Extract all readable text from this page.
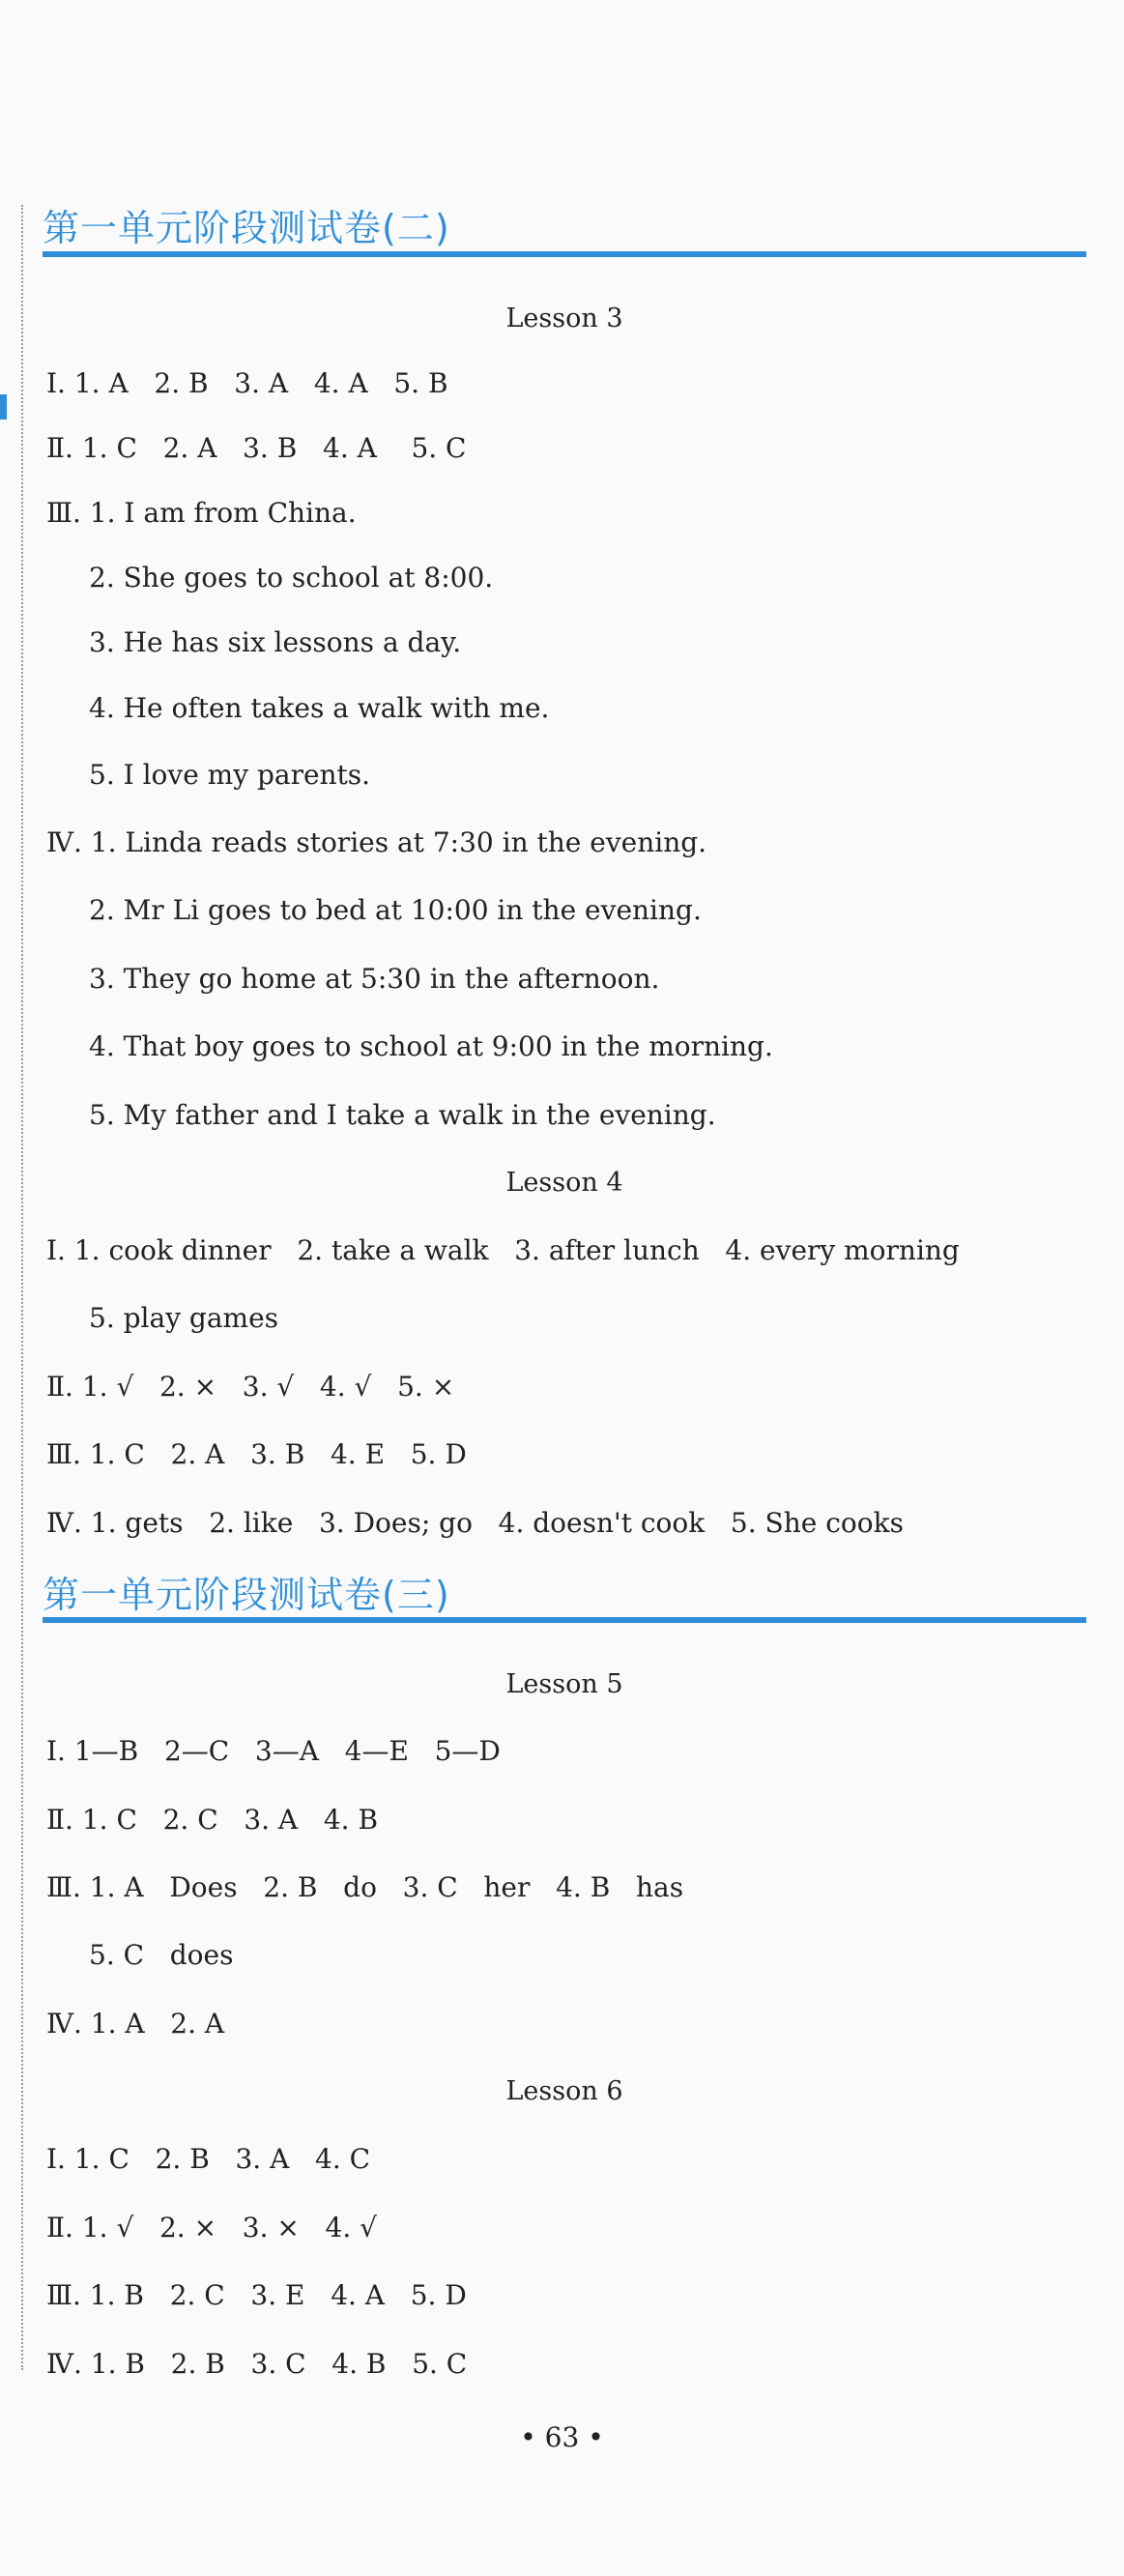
第一单元阶段测试卷(二)
Lesson 3
Ⅰ. 1. A   2. B   3. A   4. A   5. B
Ⅱ. 1. C   2. A   3. B   4. A    5. C
Ⅲ. 1. I am from China.
2. She goes to school at 8:00.
3. He has six lessons a day.
4. He often takes a walk with me.
5. I love my parents.
Ⅳ. 1. Linda reads stories at 7:30 in the evening.
2. Mr Li goes to bed at 10:00 in the evening.
3. They go home at 5:30 in the afternoon.
4. That boy goes to school at 9:00 in the morning.
5. My father and I take a walk in the evening.
Lesson 4
Ⅰ. 1. cook dinner   2. take a walk   3. after lunch   4. every morning
5. play games
Ⅱ. 1. √   2. ×   3. √   4. √   5. ×
Ⅲ. 1. C   2. A   3. B   4. E   5. D
Ⅳ. 1. gets   2. like   3. Does; go   4. doesn't cook   5. She cooks
第一单元阶段测试卷(三)
Lesson 5
Ⅰ. 1—B   2—C   3—A   4—E   5—D
Ⅱ. 1. C   2. C   3. A   4. B
Ⅲ. 1. A   Does   2. B   do   3. C   her   4. B   has
5. C   does
Ⅳ. 1. A   2. A
Lesson 6
Ⅰ. 1. C   2. B   3. A   4. C
Ⅱ. 1. √   2. ×   3. ×   4. √
Ⅲ. 1. B   2. C   3. E   4. A   5. D
Ⅳ. 1. B   2. B   3. C   4. B   5. C
• 63 •
